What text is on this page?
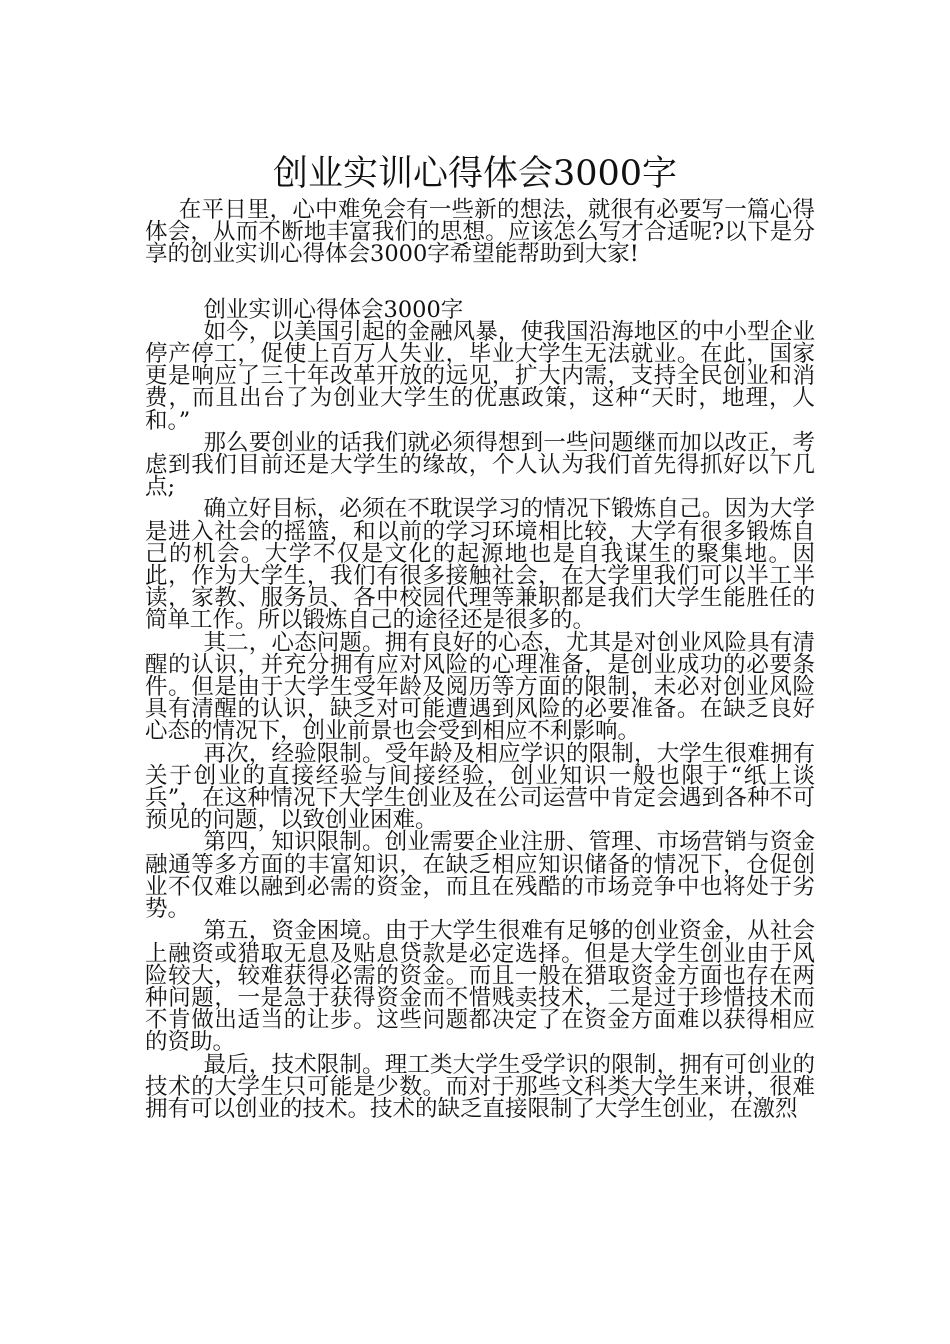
创业实训心得体会3000字

在平日里，心中难免会有一些新的想法，就很有必要写一篇心得体会，从而不断地丰富我们的思想。应该怎么写才合适呢?以下是分享的创业实训心得体会3000字希望能帮助到大家!

创业实训心得体会3000字

如今，以美国引起的金融风暴，使我国沿海地区的中小型企业停产停工，促使上百万人失业，毕业大学生无法就业。在此，国家更是响应了三十年改革开放的远见，扩大内需，支持全民创业和消费，而且出台了为创业大学生的优惠政策，这种“天时，地理，人和。”

那么要创业的话我们就必须得想到一些问题继而加以改正，考虑到我们目前还是大学生的缘故，个人认为我们首先得抓好以下几点;

确立好目标，必须在不耽误学习的情况下锻炼自己。因为大学是进入社会的摇篮，和以前的学习环境相比较，大学有很多锻炼自己的机会。大学不仅是文化的起源地也是自我谋生的聚集地。因此，作为大学生，我们有很多接触社会，在大学里我们可以半工半读，家教、服务员、各中校园代理等兼职都是我们大学生能胜任的简单工作。所以锻炼自己的途径还是很多的。

其二，心态问题。拥有良好的心态，尤其是对创业风险具有清醒的认识，并充分拥有应对风险的心理准备，是创业成功的必要条件。但是由于大学生受年龄及阅历等方面的限制，未必对创业风险具有清醒的认识，缺乏对可能遭遇到风险的必要准备。在缺乏良好心态的情况下，创业前景也会受到相应不利影响。

再次，经验限制。受年龄及相应学识的限制，大学生很难拥有关于创业的直接经验与间接经验，创业知识一般也限于“纸上谈兵”，在这种情况下大学生创业及在公司运营中肯定会遇到各种不可预见的问题，以致创业困难。

第四，知识限制。创业需要企业注册、管理、市场营销与资金融通等多方面的丰富知识，在缺乏相应知识储备的情况下，仓促创业不仅难以融到必需的资金，而且在残酷的市场竞争中也将处于劣势。

第五，资金困境。由于大学生很难有足够的创业资金，从社会上融资或猎取无息及贴息贷款是必定选择。但是大学生创业由于风险较大，较难获得必需的资金。而且一般在猎取资金方面也存在两种问题，一是急于获得资金而不惜贱卖技术，二是过于珍惜技术而不肯做出适当的让步。这些问题都决定了在资金方面难以获得相应的资助。

最后，技术限制。理工类大学生受学识的限制，拥有可创业的技术的大学生只可能是少数。而对于那些文科类大学生来讲，很难拥有可以创业的技术。技术的缺乏直接限制了大学生创业，在激烈
